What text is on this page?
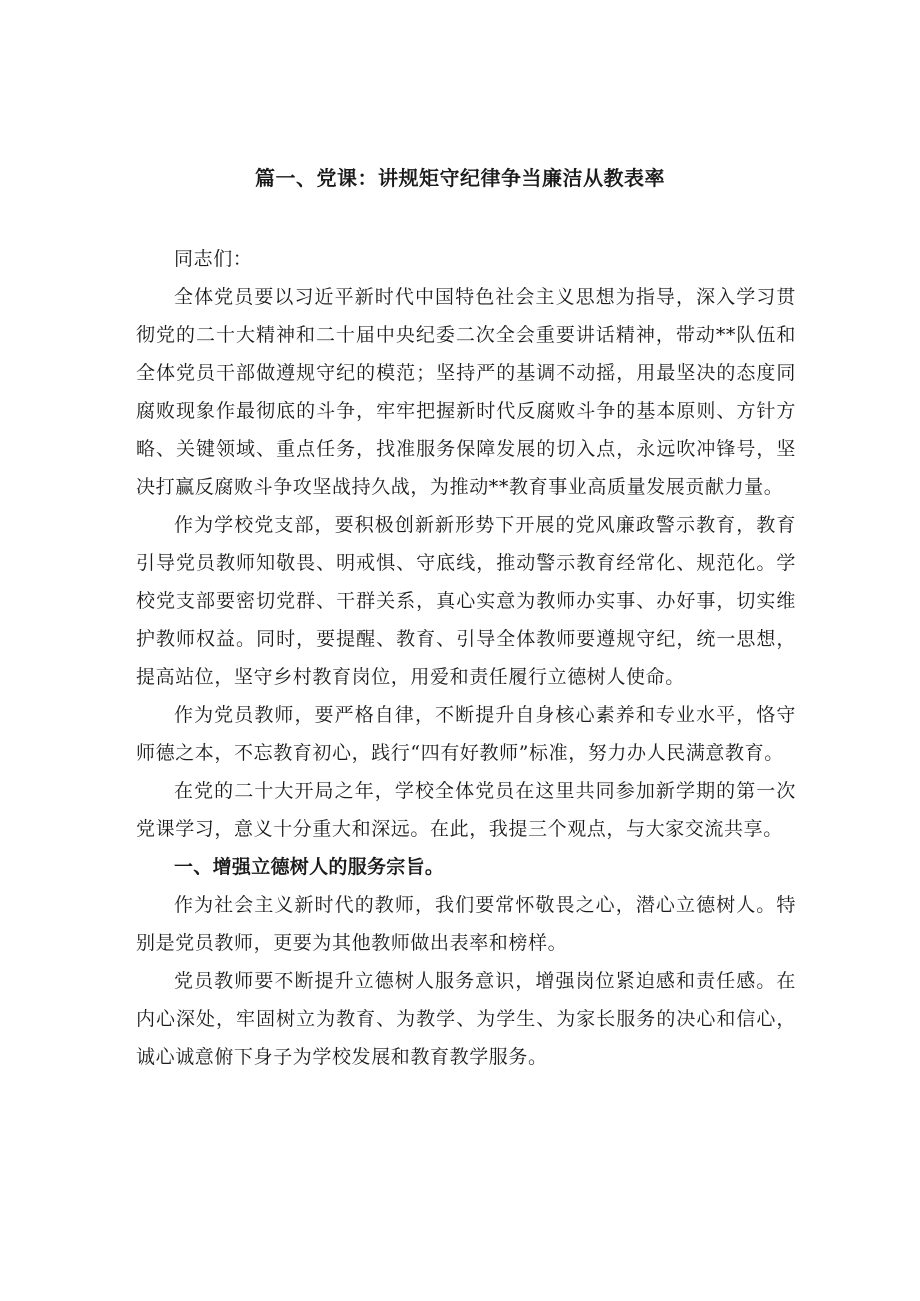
篇一、党课：讲规矩守纪律争当廉洁从教表率

同志们：

全体党员要以习近平新时代中国特色社会主义思想为指导，深入学习贯彻党的二十大精神和二十届中央纪委二次全会重要讲话精神，带动**队伍和全体党员干部做遵规守纪的模范；坚持严的基调不动摇，用最坚决的态度同腐败现象作最彻底的斗争，牢牢把握新时代反腐败斗争的基本原则、方针方略、关键领域、重点任务，找准服务保障发展的切入点，永远吹冲锋号，坚决打赢反腐败斗争攻坚战持久战，为推动**教育事业高质量发展贡献力量。

作为学校党支部，要积极创新新形势下开展的党风廉政警示教育，教育引导党员教师知敬畏、明戒惧、守底线，推动警示教育经常化、规范化。学校党支部要密切党群、干群关系，真心实意为教师办实事、办好事，切实维护教师权益。同时，要提醒、教育、引导全体教师要遵规守纪，统一思想，提高站位，坚守乡村教育岗位，用爱和责任履行立德树人使命。

作为党员教师，要严格自律，不断提升自身核心素养和专业水平，恪守师德之本，不忘教育初心，践行“四有好教师”标准，努力办人民满意教育。

在党的二十大开局之年，学校全体党员在这里共同参加新学期的第一次党课学习，意义十分重大和深远。在此，我提三个观点，与大家交流共享。

一、增强立德树人的服务宗旨。

作为社会主义新时代的教师，我们要常怀敬畏之心，潜心立德树人。特别是党员教师，更要为其他教师做出表率和榜样。

党员教师要不断提升立德树人服务意识，增强岗位紧迫感和责任感。在内心深处，牢固树立为教育、为教学、为学生、为家长服务的决心和信心，诚心诚意俯下身子为学校发展和教育教学服务。
